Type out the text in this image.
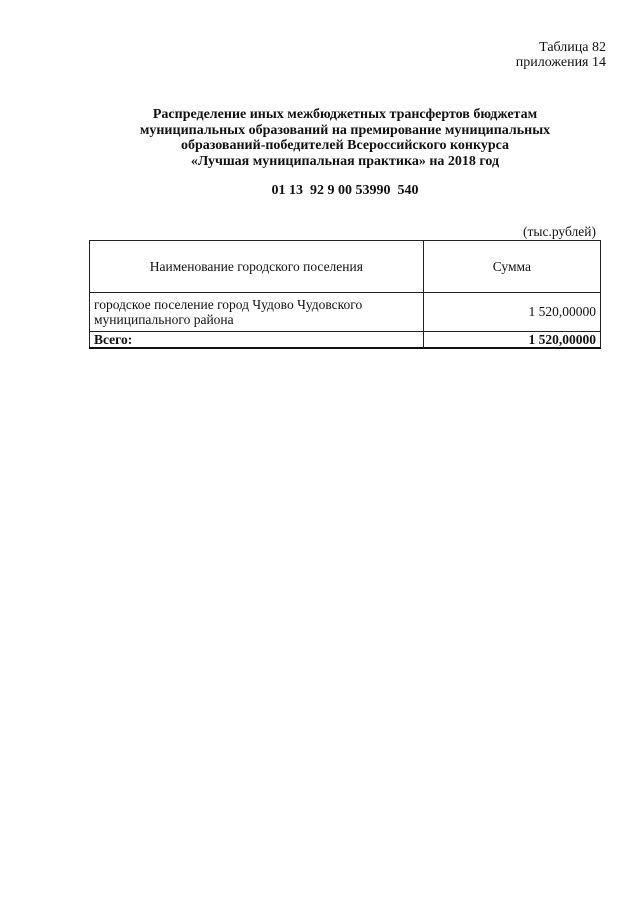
Таблица 82
приложения 14
Распределение иных межбюджетных трансфертов бюджетам
муниципальных образований на премирование муниципальных
образований-победителей Всероссийского конкурса
«Лучшая муниципальная практика» на 2018 год
01 13  92 9 00 53990  540
(тыс.рублей)
Наименование городского поселения	Сумма
городское поселение город Чудово Чудовского муниципального района	1 520,00000
Всего:	1 520,00000
